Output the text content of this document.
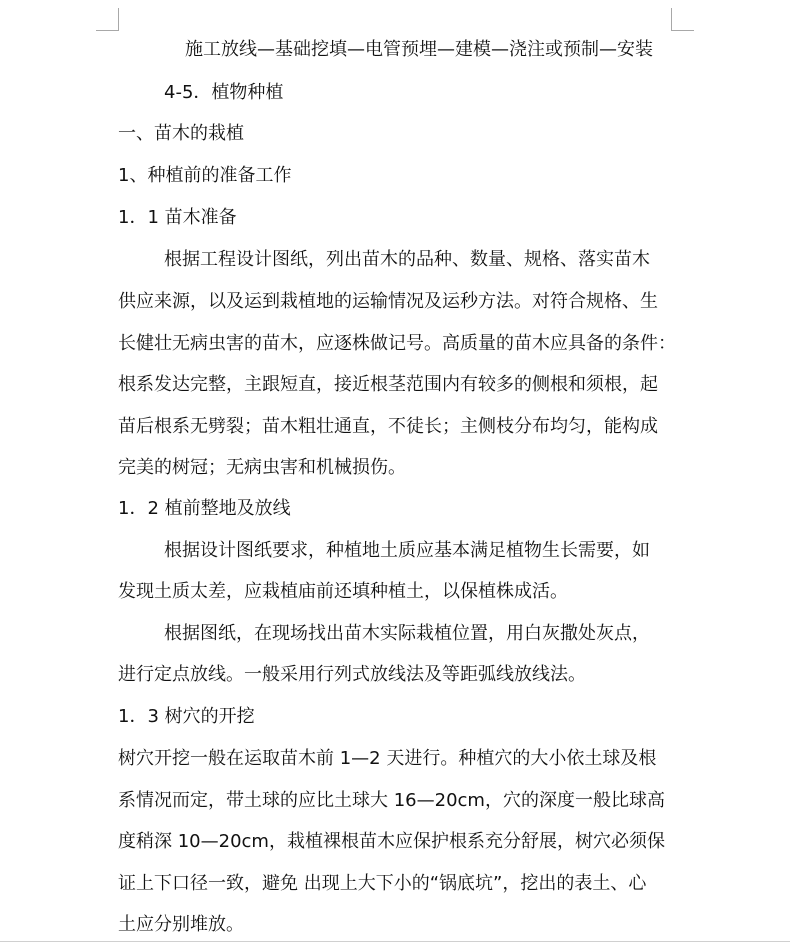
施工放线—基础挖填—电管预埋—建模—浇注或预制—安装
4-5．植物种植
一、苗木的栽植
1、种植前的准备工作
1．1 苗木准备
根据工程设计图纸，列出苗木的品种、数量、规格、落实苗木
供应来源，以及运到栽植地的运输情况及运秒方法。对符合规格、生
长健壮无病虫害的苗木，应逐株做记号。高质量的苗木应具备的条件：
根系发达完整，主跟短直，接近根茎范围内有较多的侧根和须根，起
苗后根系无劈裂；苗木粗壮通直，不徒长；主侧枝分布均匀，能构成
完美的树冠；无病虫害和机械损伤。
1．2 植前整地及放线
根据设计图纸要求，种植地土质应基本满足植物生长需要，如
发现土质太差，应栽植庙前还填种植土，以保植株成活。
根据图纸，在现场找出苗木实际栽植位置，用白灰撒处灰点，
进行定点放线。一般采用行列式放线法及等距弧线放线法。
1．3 树穴的开挖
树穴开挖一般在运取苗木前 1—2 天进行。种植穴的大小依土球及根
系情况而定，带土球的应比土球大 16—20cm，穴的深度一般比球高
度稍深 10—20cm，栽植裸根苗木应保护根系充分舒展，树穴必须保
证上下口径一致，避免 出现上大下小的“锅底坑”，挖出的表土、心
土应分别堆放。
